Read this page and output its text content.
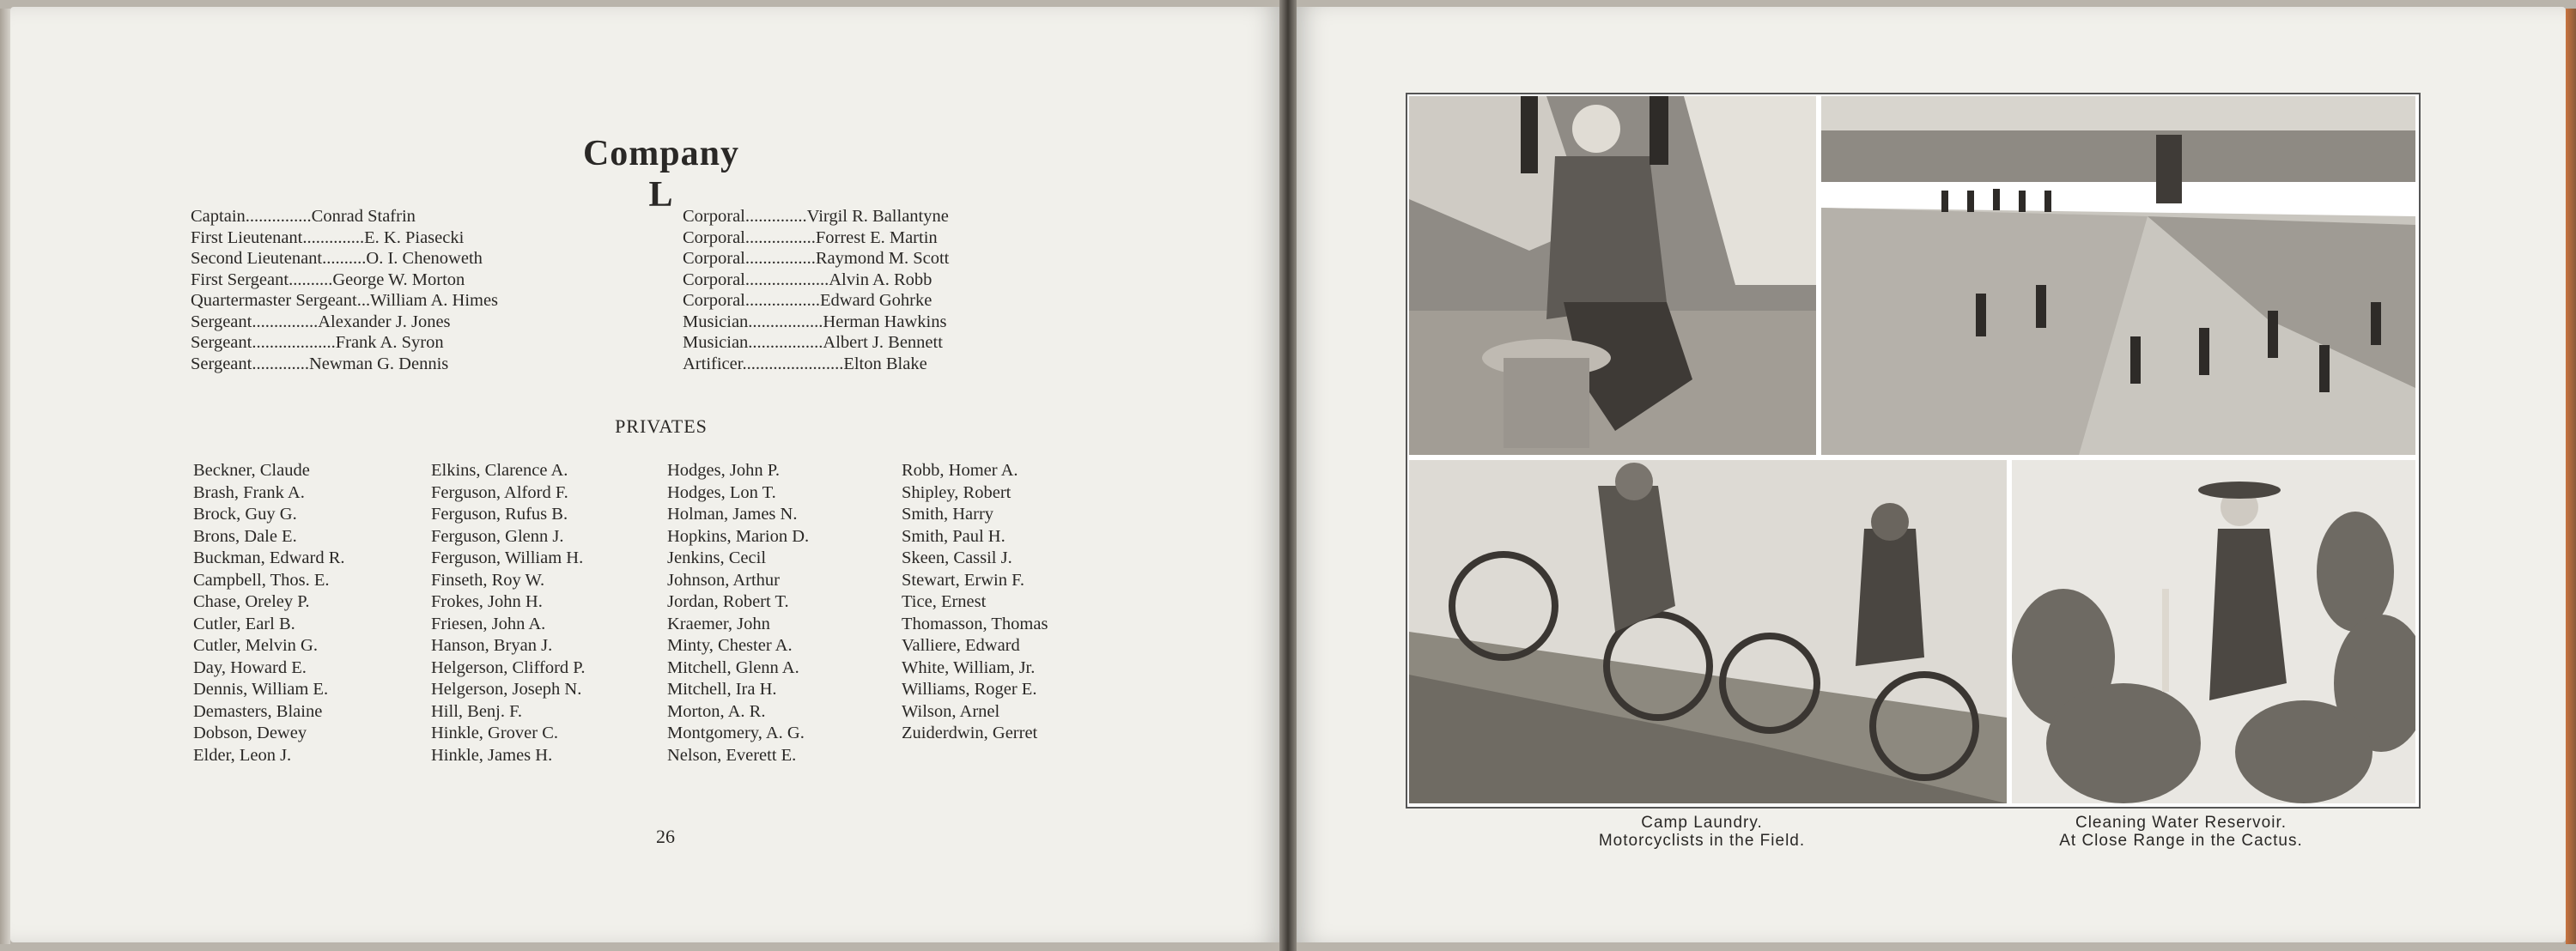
Company L
Captain...............Conrad Stafrin
First Lieutenant..............E. K. Piasecki
Second Lieutenant..........O. I. Chenoweth
First Sergeant..........George W. Morton
Quartermaster Sergeant...William A. Himes
Sergeant...............Alexander J. Jones
Sergeant...................Frank A. Syron
Sergeant.............Newman G. Dennis
Corporal..............Virgil R. Ballantyne
Corporal................Forrest E. Martin
Corporal................Raymond M. Scott
Corporal...................Alvin A. Robb
Corporal.................Edward Gohrke
Musician.................Herman Hawkins
Musician.................Albert J. Bennett
Artificer.......................Elton Blake
PRIVATES
Beckner, Claude
Brash, Frank A.
Brock, Guy G.
Brons, Dale E.
Buckman, Edward R.
Campbell, Thos. E.
Chase, Oreley P.
Cutler, Earl B.
Cutler, Melvin G.
Day, Howard E.
Dennis, William E.
Demasters, Blaine
Dobson, Dewey
Elder, Leon J.
Elkins, Clarence A.
Ferguson, Alford F.
Ferguson, Rufus B.
Ferguson, Glenn J.
Ferguson, William H.
Finseth, Roy W.
Frokes, John H.
Friesen, John A.
Hanson, Bryan J.
Helgerson, Clifford P.
Helgerson, Joseph N.
Hill, Benj. F.
Hinkle, Grover C.
Hinkle, James H.
Hodges, John P.
Hodges, Lon T.
Holman, James N.
Hopkins, Marion D.
Jenkins, Cecil
Johnson, Arthur
Jordan, Robert T.
Kraemer, John
Minty, Chester A.
Mitchell, Glenn A.
Mitchell, Ira H.
Morton, A. R.
Montgomery, A. G.
Nelson, Everett E.
Robb, Homer A.
Shipley, Robert
Smith, Harry
Smith, Paul H.
Skeen, Cassil J.
Stewart, Erwin F.
Tice, Ernest
Thomasson, Thomas
Valliere, Edward
White, William, Jr.
Williams, Roger E.
Wilson, Arnel
Zuiderdwin, Gerret
26
Camp Laundry.
Motorcyclists in the Field.
Cleaning Water Reservoir.
At Close Range in the Cactus.
